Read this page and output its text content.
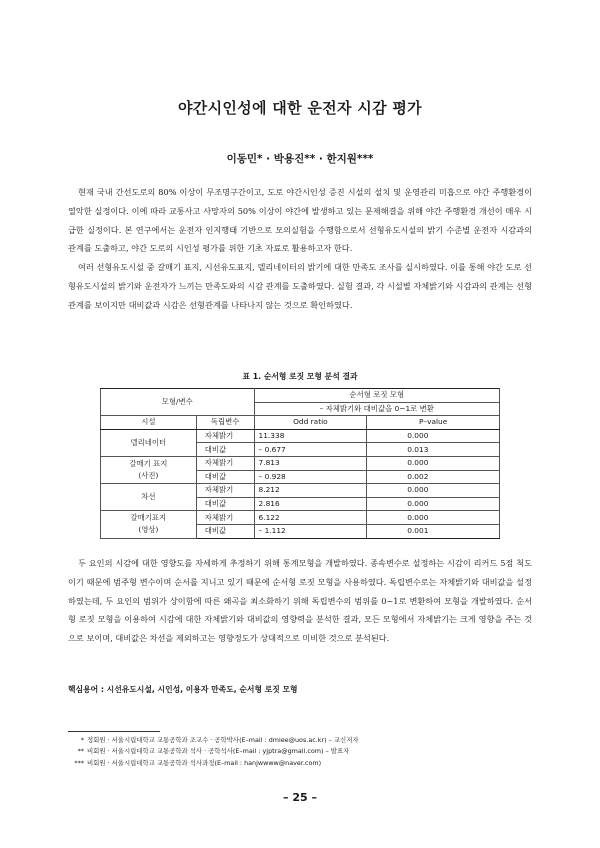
야간시인성에 대한 운전자 시감 평가
이동민* · 박용진** · 한지원***

현재 국내 간선도로의 80% 이상이 무조명구간이고, 도로 야간시인성 증진 시설의 설치 및 운영관리 미흡으로 야간 주행환경이 열악한 실정이다. 이에 따라 교통사고 사망자의 50% 이상이 야간에 발생하고 있는 문제해결을 위해 야간 주행환경 개선이 매우 시급한 실정이다. 본 연구에서는 운전자 인지행태 기반으로 모의실험을 수행함으로서 선형유도시설의 밝기 수준별 운전자 시감과의 관계를 도출하고, 야간 도로의 시인성 평가를 위한 기초 자료로 활용하고자 한다.

여러 선형유도시설 중 갈매기 표지, 시선유도표지, 델리네이터의 밝기에 대한 만족도 조사를 실시하였다. 이를 통해 야간 도로 선형유도시설의 밝기와 운전자가 느끼는 만족도와의 시감 관계를 도출하였다. 실험 결과, 각 시설별 자체밝기와 시감과의 관계는 선형관계를 보이지만 대비값과 시감은 선형관계를 나타나지 않는 것으로 확인하였다.

표 1. 순서형 로짓 모형 분석 결과
모형/변수		순서형 로짓 모형	
		– 자체밝기와 대비값을 0~1로 변환	
시설	독립변수	Odd ratio	P–value
델리네이터	자체밝기	11.338	0.000
	대비값	– 0.677	0.013
갈매기 표지
(사진)	자체밝기	7.813	0.000
	대비값	– 0.928	0.002
차선	자체밝기	8.212	0.000
	대비값	2.816	0.000
갈매기표지
(영상)	자체밝기	6.122	0.000
	대비값	– 1.112	0.001

두 요인의 시감에 대한 영향도를 자세하게 추정하기 위해 통계모형을 개발하였다. 종속변수로 설정하는 시감이 리커드 5점 척도이기 때문에 범주형 변수이며 순서를 지니고 있기 때문에 순서형 로짓 모형을 사용하였다. 독립변수로는 자체밝기와 대비값을 설정하였는데, 두 요인의 범위가 상이함에 따른 왜곡을 최소화하기 위해 독립변수의 범위를 0~1로 변환하여 모형을 개발하였다. 순서형 로짓 모형을 이용하여 시감에 대한 자체밝기와 대비값의 영향력을 분석한 결과, 모든 모형에서 자체밝기는 크게 영향을 주는 것으로 보이며, 대비값은 차선을 제외하고는 영향정도가 상대적으로 미비한 것으로 분석된다.

핵심용어 : 시선유도시설, 시인성, 이용자 만족도, 순서형 로짓 모형
* 정회원 · 서울시립대학교 교통공학과 조교수 · 공학박사(E–mail : dmlee@uos.ac.kr) – 교신저자
** 비회원 · 서울시립대학교 교통공학과 석사 · 공학석사(E–mail : yjptra@gmail.com) – 발표자
*** 비회원 · 서울시립대학교 교통공학과 석사과정(E–mail : hanjwwww@naver.com)
– 25 –
